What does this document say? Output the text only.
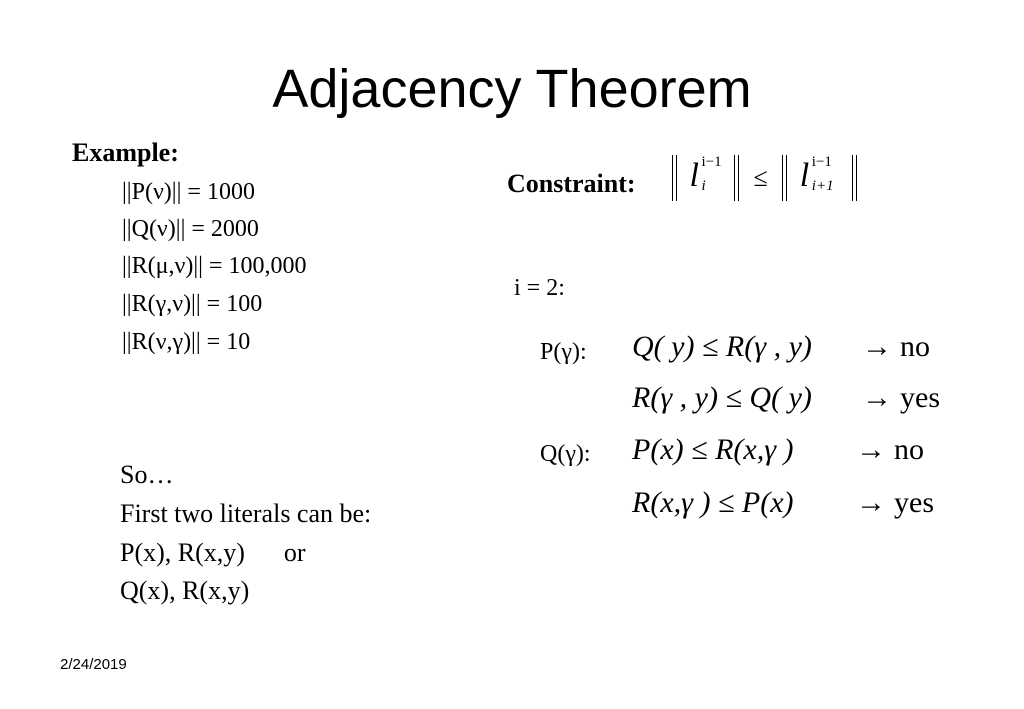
Adjacency Theorem
Example:
||P(ν)|| = 1000
||Q(ν)|| = 2000
||R(μ,ν)|| = 100,000
||R(γ,ν)|| = 100
||R(ν,γ)|| = 10
Constraint:
l i−1
i ≤ l i−1
i+1

i = 2:
P(γ):
Q(γ):
Q( y) ≤ R(γ , y) → no
R(γ , y) ≤ Q( y) → yes
P(x) ≤ R(x,γ ) → no
R(x,γ ) ≤ P(x) → yes
So…
First two literals can be:
P(x), R(x,y)      or
Q(x), R(x,y)
2/24/2019
